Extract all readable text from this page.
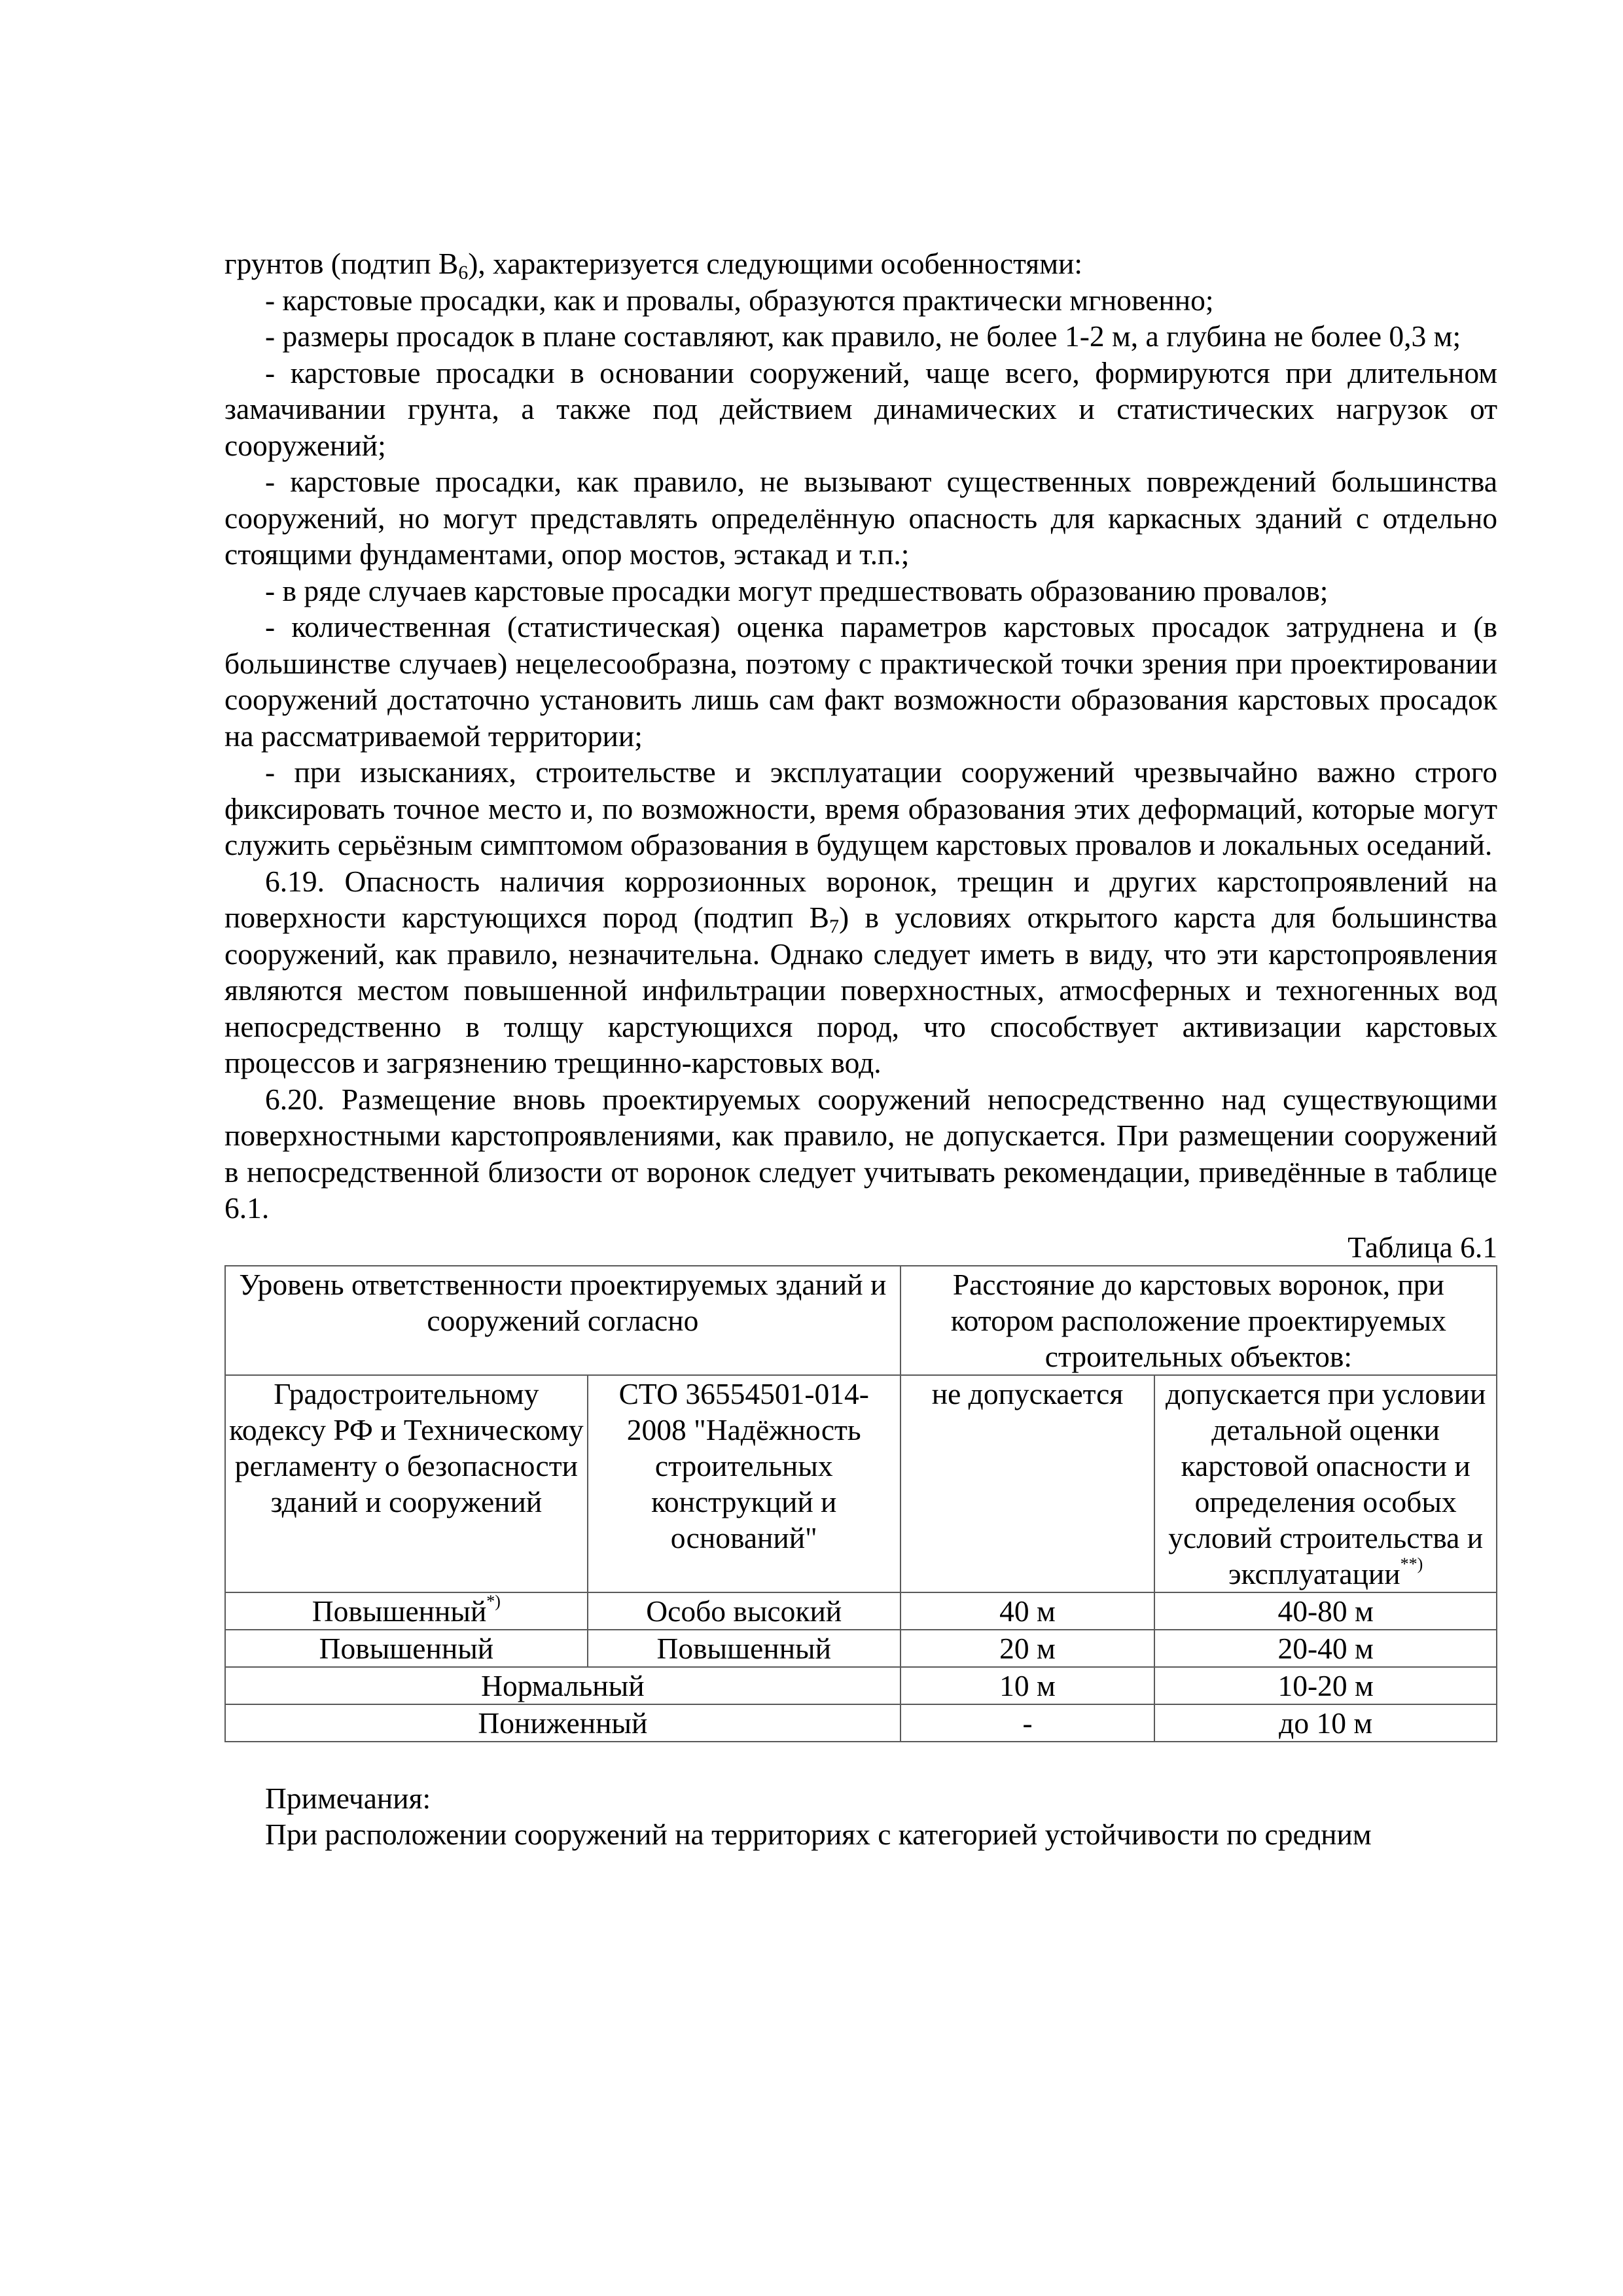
грунтов (подтип $В_6$), характеризуется следующими особенностями:

- карстовые просадки, как и провалы, образуются практически мгновенно;

- размеры просадок в плане составляют, как правило, не более 1-2 м, а глубина не более 0,3 м;

- карстовые просадки в основании сооружений, чаще всего, формируются при длительном замачивании грунта, а также под действием динамических и статистических нагрузок от сооружений;

- карстовые просадки, как правило, не вызывают существенных повреждений большинства сооружений, но могут представлять определённую опасность для каркасных зданий с отдельно стоящими фундаментами, опор мостов, эстакад и т.п.;

- в ряде случаев карстовые просадки могут предшествовать образованию провалов;

- количественная (статистическая) оценка параметров карстовых просадок затруднена и (в большинстве случаев) нецелесообразна, поэтому с практической точки зрения при проектировании сооружений достаточно установить лишь сам факт возможности образования карстовых просадок на рассматриваемой территории;

- при изысканиях, строительстве и эксплуатации сооружений чрезвычайно важно строго фиксировать точное место и, по возможности, время образования этих деформаций, которые могут служить серьёзным симптомом образования в будущем карстовых провалов и локальных оседаний.

6.19. Опасность наличия коррозионных воронок, трещин и других карстопроявлений на поверхности карстующихся пород (подтип $В_7$) в условиях открытого карста для большинства сооружений, как правило, незначительна. Однако следует иметь в виду, что эти карстопроявления являются местом повышенной инфильтрации поверхностных, атмосферных и техногенных вод непосредственно в толщу карстующихся пород, что способствует активизации карстовых процессов и загрязнению трещинно-карстовых вод.

6.20. Размещение вновь проектируемых сооружений непосредственно над существующими поверхностными карстопроявлениями, как правило, не допускается. При размещении сооружений в непосредственной близости от воронок следует учитывать рекомендации, приведённые в таблице 6.1.

Таблица 6.1

Уровень ответственности проектируемых зданий и сооружений согласно		Расстояние до карстовых воронок, при котором расположение проектируемых строительных объектов:	
Градостроительному кодексу РФ и Техническому регламенту о безопасности зданий и сооружений	СТО 36554501-014-2008 "Надёжность строительных конструкций и оснований"	не допускается	допускается при условии детальной оценки карстовой опасности и определения особых условий строительства и эксплуатации**)
Повышенный*)	Особо высокий	40 м	40-80 м
Повышенный	Повышенный	20 м	20-40 м
Нормальный		10 м	10-20 м
Пониженный		-	до 10 м

Примечания:

При расположении сооружений на территориях с категорией устойчивости по средним
